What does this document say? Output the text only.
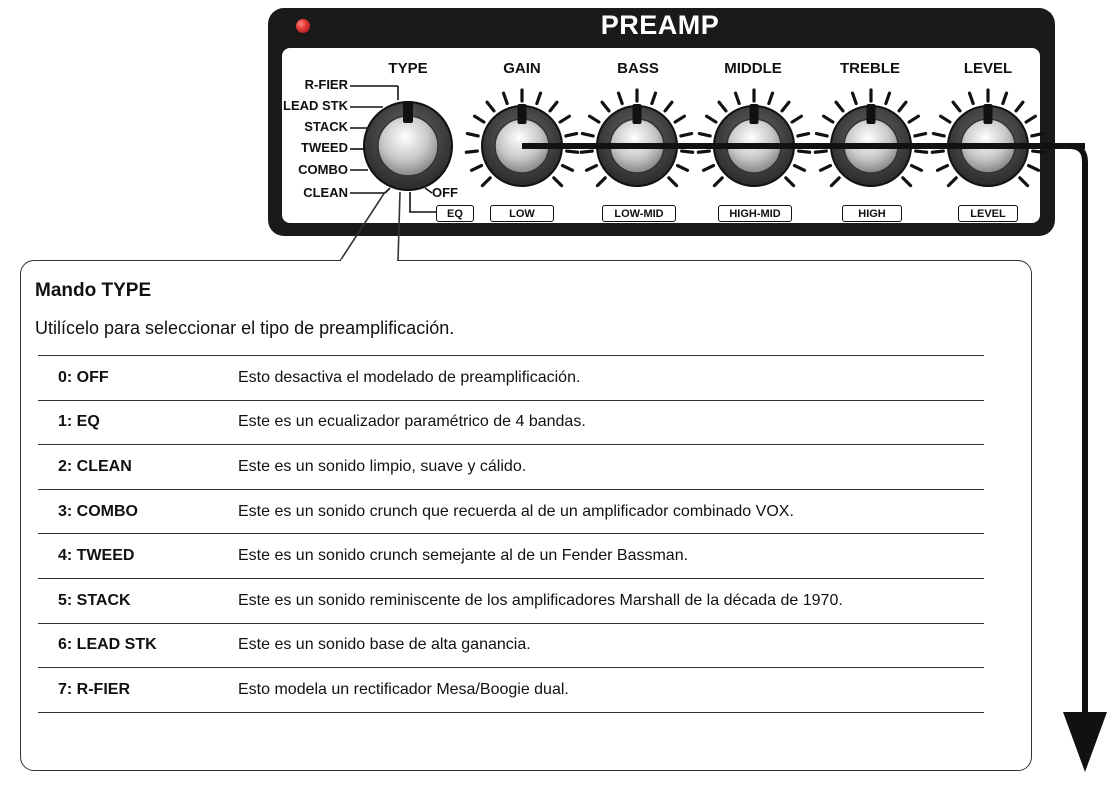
PREAMP
TYPE	GAIN	BASS	MIDDLE	TREBLE	LEVEL
R-FIER
LEAD STK
STACK
TWEED
COMBO
CLEAN	OFF
EQ	LOW	LOW-MID	HIGH-MID	HIGH	LEVEL
Mando TYPE
Utilícelo para seleccionar el tipo de preamplificación.
0: OFF	Esto desactiva el modelado de preamplificación.
1: EQ	Este es un ecualizador paramétrico de 4 bandas.
2: CLEAN	Este es un sonido limpio, suave y cálido.
3: COMBO	Este es un sonido crunch que recuerda al de un amplificador combinado VOX.
4: TWEED	Este es un sonido crunch semejante al de un Fender Bassman.
5: STACK	Este es un sonido reminiscente de los amplificadores Marshall de la década de 1970.
6: LEAD STK	Este es un sonido base de alta ganancia.
7: R-FIER	Esto modela un rectificador Mesa/Boogie dual.
